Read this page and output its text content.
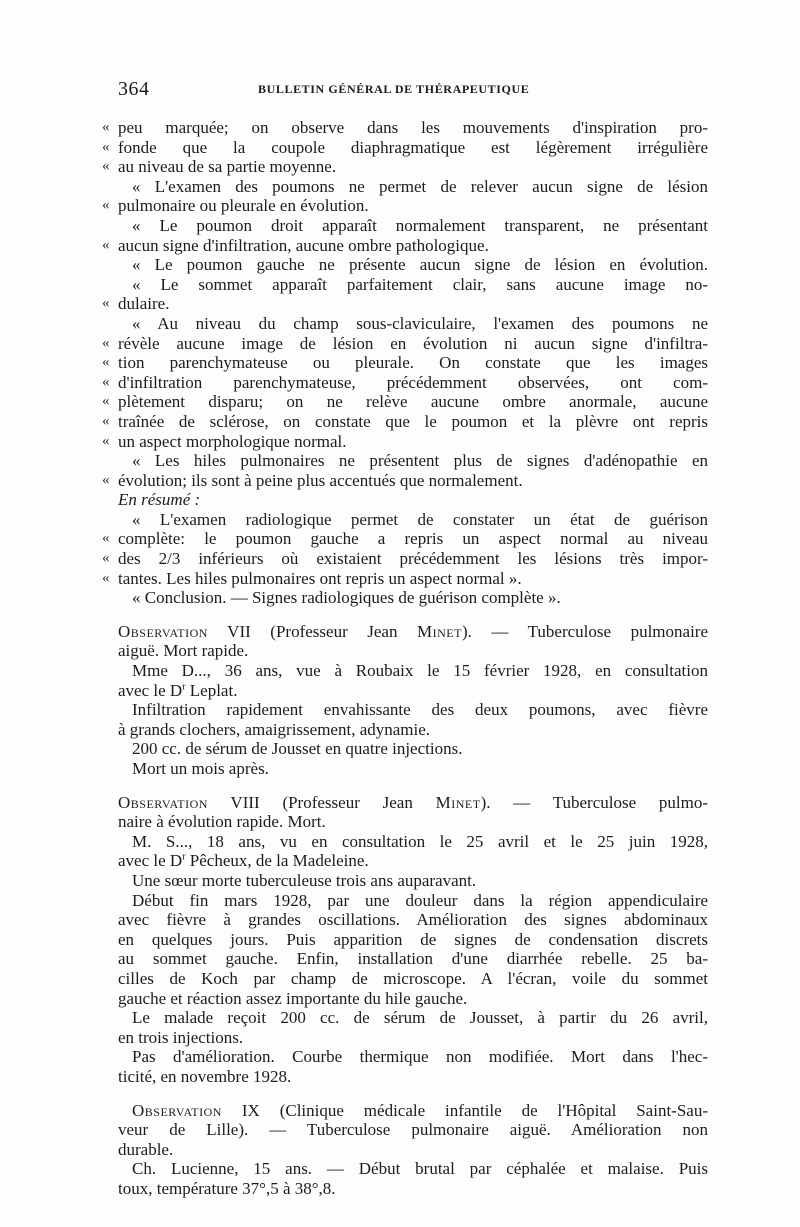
364	BULLETIN GÉNÉRAL DE THÉRAPEUTIQUE
« peu marquée; on observe dans les mouvements d'inspiration pro-
« fonde que la coupole diaphragmatique est légèrement irrégulière
« au niveau de sa partie moyenne.
« L'examen des poumons ne permet de relever aucun signe de lésion
« pulmonaire ou pleurale en évolution.
« Le poumon droit apparaît normalement transparent, ne présentant
« aucun signe d'infiltration, aucune ombre pathologique.
« Le poumon gauche ne présente aucun signe de lésion en évolution.
« Le sommet apparaît parfaitement clair, sans aucune image no-
« dulaire.
« Au niveau du champ sous-claviculaire, l'examen des poumons ne
« révèle aucune image de lésion en évolution ni aucun signe d'infiltra-
« tion parenchymateuse ou pleurale. On constate que les images
« d'infiltration parenchymateuse, précédemment observées, ont com-
« plètement disparu; on ne relève aucune ombre anormale, aucune
« traînée de sclérose, on constate que le poumon et la plèvre ont repris
« un aspect morphologique normal.
« Les hiles pulmonaires ne présentent plus de signes d'adénopathie en
« évolution; ils sont à peine plus accentués que normalement.
En résumé :
« L'examen radiologique permet de constater un état de guérison
« complète: le poumon gauche a repris un aspect normal au niveau
« des 2/3 inférieurs où existaient précédemment les lésions très impor-
« tantes. Les hiles pulmonaires ont repris un aspect normal ».
« Conclusion. — Signes radiologiques de guérison complète ».
Observation VII (Professeur Jean Minet). — Tuberculose pulmonaire
aiguë. Mort rapide.
Mme D..., 36 ans, vue à Roubaix le 15 février 1928, en consultation
avec le $D^r$ Leplat.
Infiltration rapidement envahissante des deux poumons, avec fièvre
à grands clochers, amaigrissement, adynamie.
200 cc. de sérum de Jousset en quatre injections.
Mort un mois après.
Observation VIII (Professeur Jean Minet). — Tuberculose pulmo-
naire à évolution rapide. Mort.
M. S..., 18 ans, vu en consultation le 25 avril et le 25 juin 1928,
avec le $D^r$ Pêcheux, de la Madeleine.
Une sœur morte tuberculeuse trois ans auparavant.
Début fin mars 1928, par une douleur dans la région appendiculaire
avec fièvre à grandes oscillations. Amélioration des signes abdominaux
en quelques jours. Puis apparition de signes de condensation discrets
au sommet gauche. Enfin, installation d'une diarrhée rebelle. 25 ba-
cilles de Koch par champ de microscope. A l'écran, voile du sommet
gauche et réaction assez importante du hile gauche.
Le malade reçoit 200 cc. de sérum de Jousset, à partir du 26 avril,
en trois injections.
Pas d'amélioration. Courbe thermique non modifiée. Mort dans l'hec-
ticité, en novembre 1928.
Observation IX (Clinique médicale infantile de l'Hôpital Saint-Sau-
veur de Lille). — Tuberculose pulmonaire aiguë. Amélioration non
durable.
Ch. Lucienne, 15 ans. — Début brutal par céphalée et malaise. Puis
toux, température 37°,5 à 38°,8.
